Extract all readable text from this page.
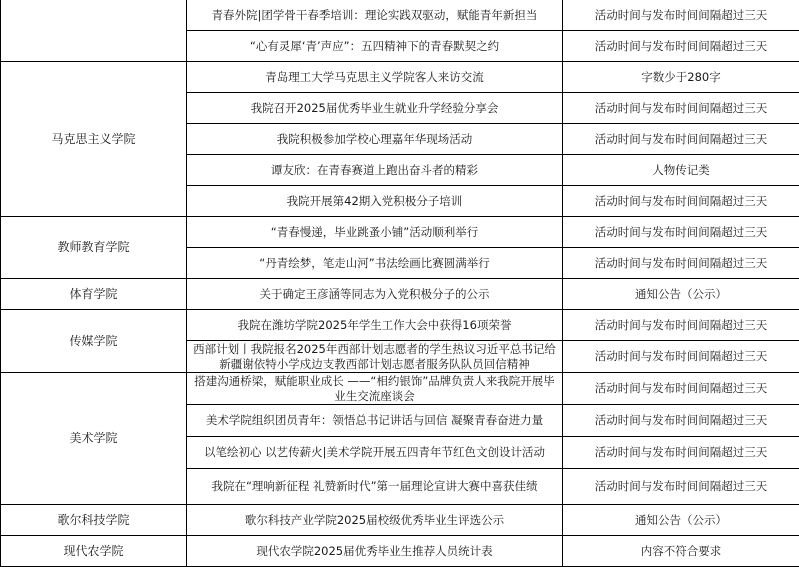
	青春外院|团学骨干春季培训：理论实践双驱动，赋能青年新担当	活动时间与发布时间间隔超过三天
	“心有灵犀‘青’声应”：五四精神下的青春默契之约	活动时间与发布时间间隔超过三天
马克思主义学院	青岛理工大学马克思主义学院客人来访交流	字数少于280字
	我院召开2025届优秀毕业生就业升学经验分享会	活动时间与发布时间间隔超过三天
	我院积极参加学校心理嘉年华现场活动	活动时间与发布时间间隔超过三天
	谭友欣：在青春赛道上跑出奋斗者的精彩	人物传记类
	我院开展第42期入党积极分子培训	活动时间与发布时间间隔超过三天
教师教育学院	“青春慢递，毕业跳蚤小铺”活动顺利举行	活动时间与发布时间间隔超过三天
	“丹青绘梦，笔走山河”书法绘画比赛圆满举行	活动时间与发布时间间隔超过三天
体育学院	关于确定王彦涵等同志为入党积极分子的公示	通知公告（公示）
传媒学院	我院在潍坊学院2025年学生工作大会中获得16项荣誉	活动时间与发布时间间隔超过三天
	西部计划丨我院报名2025年西部计划志愿者的学生热议习近平总书记给新疆谢依特小学戍边支教西部计划志愿者服务队队员回信精神	活动时间与发布时间间隔超过三天
美术学院	搭建沟通桥梁，赋能职业成长 ——“相约银饰”品牌负责人来我院开展毕业生交流座谈会	活动时间与发布时间间隔超过三天
	美术学院组织团员青年：领悟总书记讲话与回信 凝聚青春奋进力量	活动时间与发布时间间隔超过三天
	以笔绘初心 以艺传薪火|美术学院开展五四青年节红色文创设计活动	活动时间与发布时间间隔超过三天
	我院在“理响新征程 礼赞新时代”第一届理论宣讲大赛中喜获佳绩	活动时间与发布时间间隔超过三天
歌尔科技学院	歌尔科技产业学院2025届校级优秀毕业生评选公示	通知公告（公示）
现代农学院	现代农学院2025届优秀毕业生推荐人员统计表	内容不符合要求
